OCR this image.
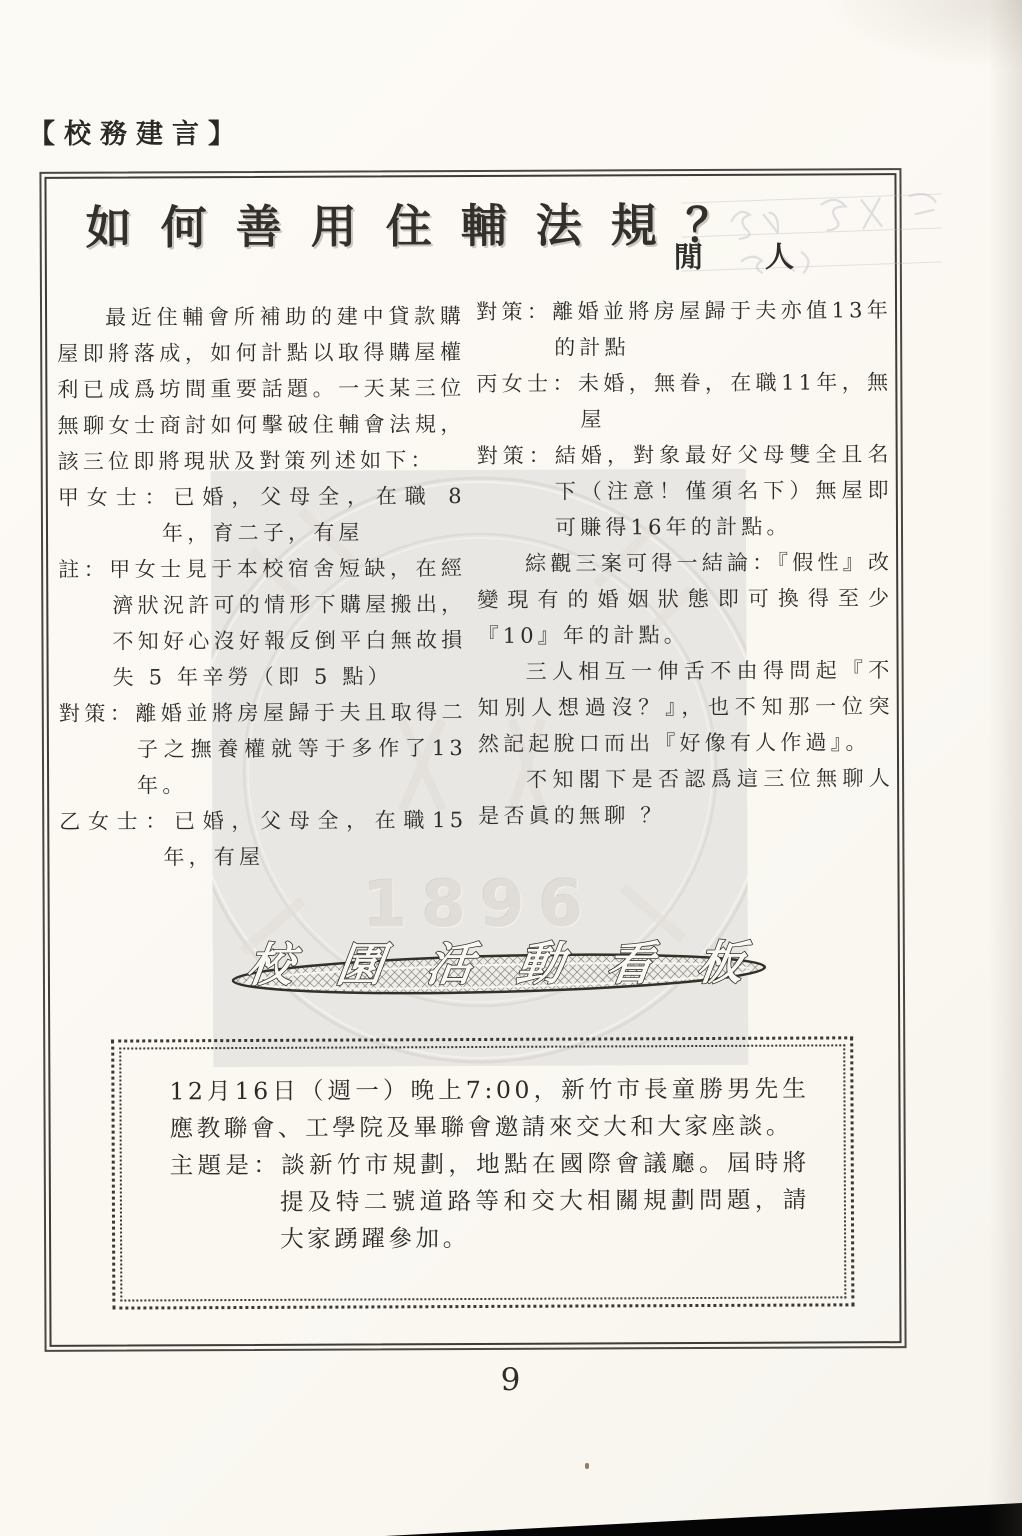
【校務建言】
1896
如何善用住輔法規？
閒 人

最近住輔會所補助的建中貸款購屋即將落成，如何計點以取得購屋權利已成爲坊間重要話題。一天某三位無聊女士商討如何擊破住輔會法規，該三位即將現狀及對策列述如下：

甲女士：已婚，父母全，在職 8 年，育二子，有屋

註：甲女士見于本校宿舍短缺，在經濟狀況許可的情形下購屋搬出，不知好心沒好報反倒平白無故損失 5 年辛勞（即 5 點）

對策：離婚並將房屋歸于夫且取得二子之撫養權就等于多作了13年。

乙女士：已婚，父母全，在職15年，有屋

對策：離婚並將房屋歸于夫亦值13年的計點

丙女士：未婚，無眷，在職11年，無屋

對策：結婚，對象最好父母雙全且名下（注意！僅須名下）無屋即可賺得16年的計點。

綜觀三案可得一結論：『假性』改變現有的婚姻狀態即可換得至少『10』年的計點。

三人相互一伸舌不由得問起『不知別人想過沒？』，也不知那一位突然記起脫口而出『好像有人作過』。

不知閣下是否認爲這三位無聊人是否眞的無聊 ？

校 園 活 動 看 板

12月16日（週一）晚上7:00，新竹市長童勝男先生應教聯會、工學院及畢聯會邀請來交大和大家座談。

主題是：談新竹市規劃，地點在國際會議廳。屆時將提及特二號道路等和交大相關規劃問題，請大家踴躍參加。

9
